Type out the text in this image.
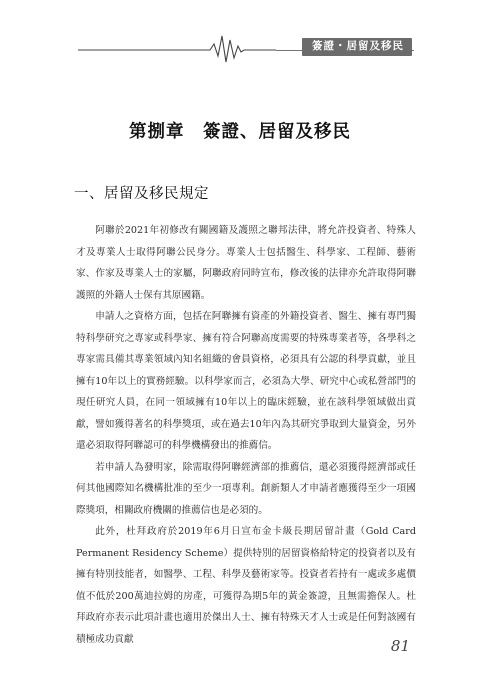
簽證・居留及移民
第捌章　簽證、居留及移民
一、居留及移民規定

阿聯於2021年初修改有關國籍及護照之聯邦法律，將允許投資者、特殊人才及專業人士取得阿聯公民身分。專業人士包括醫生、科學家、工程師、藝術家、作家及專業人士的家屬，阿聯政府同時宣布，修改後的法律亦允許取得阿聯護照的外籍人士保有其原國籍。

申請人之資格方面，包括在阿聯擁有資產的外籍投資者、醫生、擁有專門獨特科學研究之專家或科學家、擁有符合阿聯高度需要的特殊專業者等，各學科之專家需具備其專業領域內知名組織的會員資格，必須具有公認的科學貢獻，並且擁有10年以上的實務經驗。以科學家而言，必須為大學、研究中心或私營部門的現任研究人員，在同一領域擁有10年以上的臨床經驗，並在該科學領域做出貢獻，譬如獲得著名的科學獎項，或在過去10年內為其研究爭取到大量資金，另外還必須取得阿聯認可的科學機構發出的推薦信。

若申請人為發明家，除需取得阿聯經濟部的推薦信，還必須獲得經濟部或任何其他國際知名機構批准的至少一項專利。創新類人才申請者應獲得至少一項國際獎項，相關政府機關的推薦信也是必須的。

此外，杜拜政府於2019年6月日宣布金卡級長期居留計畫（Gold Card Permanent Residency Scheme）提供特別的居留資格給特定的投資者以及有擁有特別技能者，如醫學、工程、科學及藝術家等。投資者若持有一處或多處價值不低於200萬迪拉姆的房產，可獲得為期5年的黃金簽證，且無需擔保人。杜拜政府亦表示此項計畫也適用於傑出人士、擁有特殊天才人士或是任何對該國有積極成功貢獻	81
